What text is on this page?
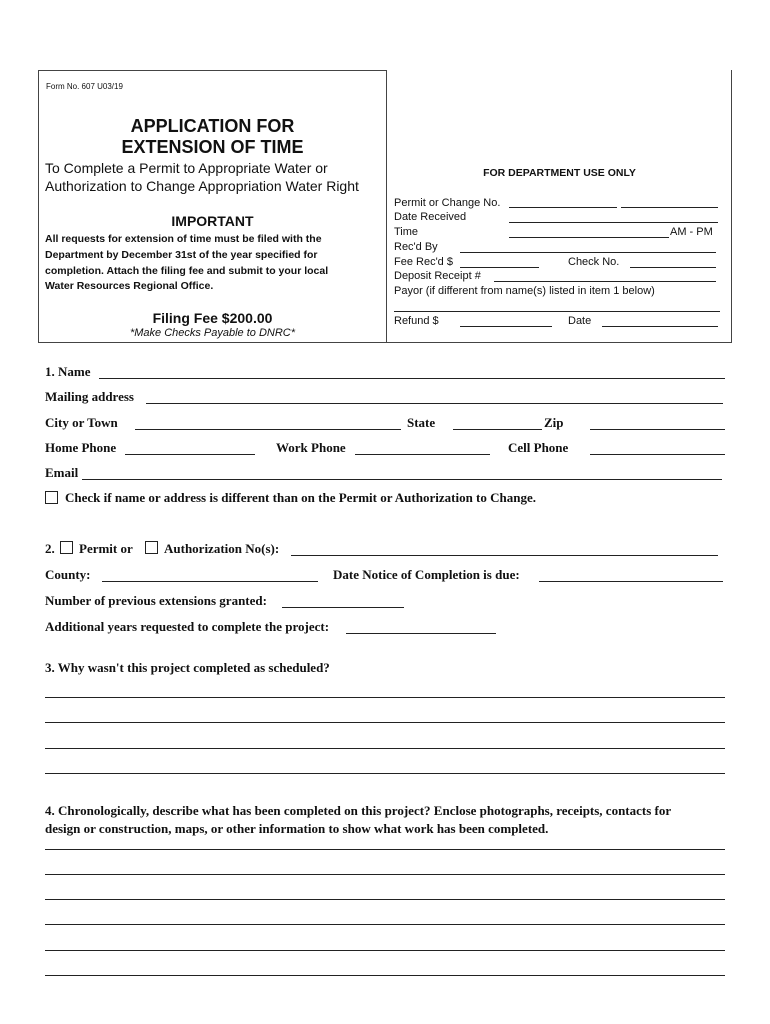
Form No. 607 U03/19
APPLICATION FOR
EXTENSION OF TIME
To Complete a Permit to Appropriate Water or
Authorization to Change Appropriation Water Right
IMPORTANT
All requests for extension of time must be filed with the
Department by December 31st of the year specified for
completion. Attach the filing fee and submit to your local
Water Resources Regional Office.
Filing Fee $200.00
*Make Checks Payable to DNRC*
FOR DEPARTMENT USE ONLY
Permit or Change No.
Date Received
Time	AM - PM
Rec'd By
Fee Rec'd $	Check No.
Deposit Receipt #
Payor (if different from name(s) listed in item 1 below)
Refund $	Date
1. Name
Mailing address
City or Town	State	Zip
Home Phone	Work Phone	Cell Phone
Email
Check if name or address is different than on the Permit or Authorization to Change.
2. Permit or Authorization No(s):
County:	Date Notice of Completion is due:
Number of previous extensions granted:
Additional years requested to complete the project:
3. Why wasn't this project completed as scheduled?
4. Chronologically, describe what has been completed on this project? Enclose photographs, receipts, contacts for
design or construction, maps, or other information to show what work has been completed.
